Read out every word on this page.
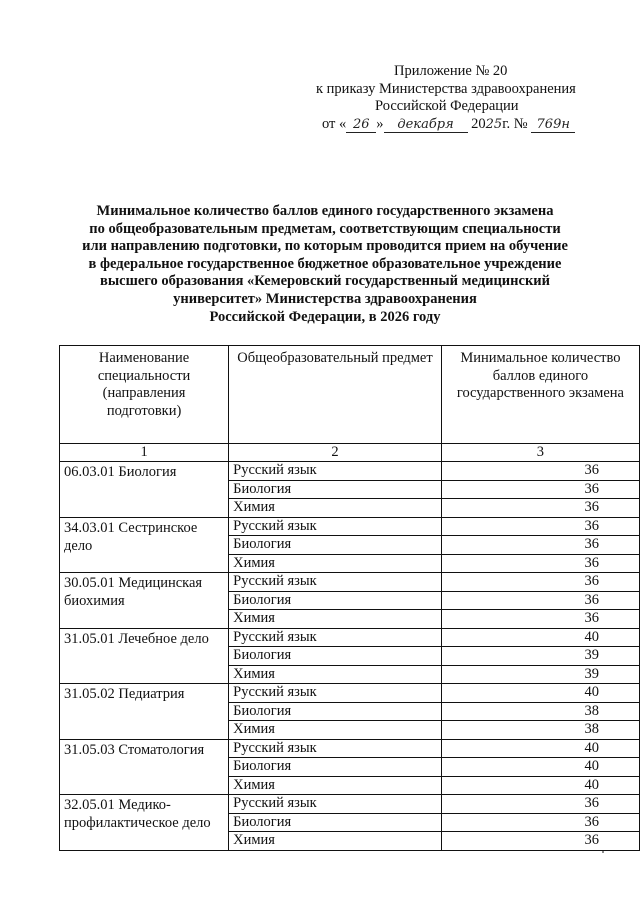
Приложение № 20
к приказу Министерства здравоохранения
Российской Федерации
от « 26 » декабря 2025г. № 769н
Минимальное количество баллов единого государственного экзамена
по общеобразовательным предметам, соответствующим специальности
или направлению подготовки, по которым проводится прием на обучение
в федеральное государственное бюджетное образовательное учреждение
высшего образования «Кемеровский государственный медицинский
университет» Министерства здравоохранения
Российской Федерации, в 2026 году
Наименование специальности (направления подготовки)	Общеобразовательный предмет	Минимальное количество баллов единого государственного экзамена
1	2	3
06.03.01 Биология	Русский язык	36
	Биология	36
	Химия	36
34.03.01 Сестринское дело	Русский язык	36
	Биология	36
	Химия	36
30.05.01 Медицинская биохимия	Русский язык	36
	Биология	36
	Химия	36
31.05.01 Лечебное дело	Русский язык	40
	Биология	39
	Химия	39
31.05.02 Педиатрия	Русский язык	40
	Биология	38
	Химия	38
31.05.03 Стоматология	Русский язык	40
	Биология	40
	Химия	40
32.05.01 Медико-профилактическое дело	Русский язык	36
	Биология	36
	Химия	36
